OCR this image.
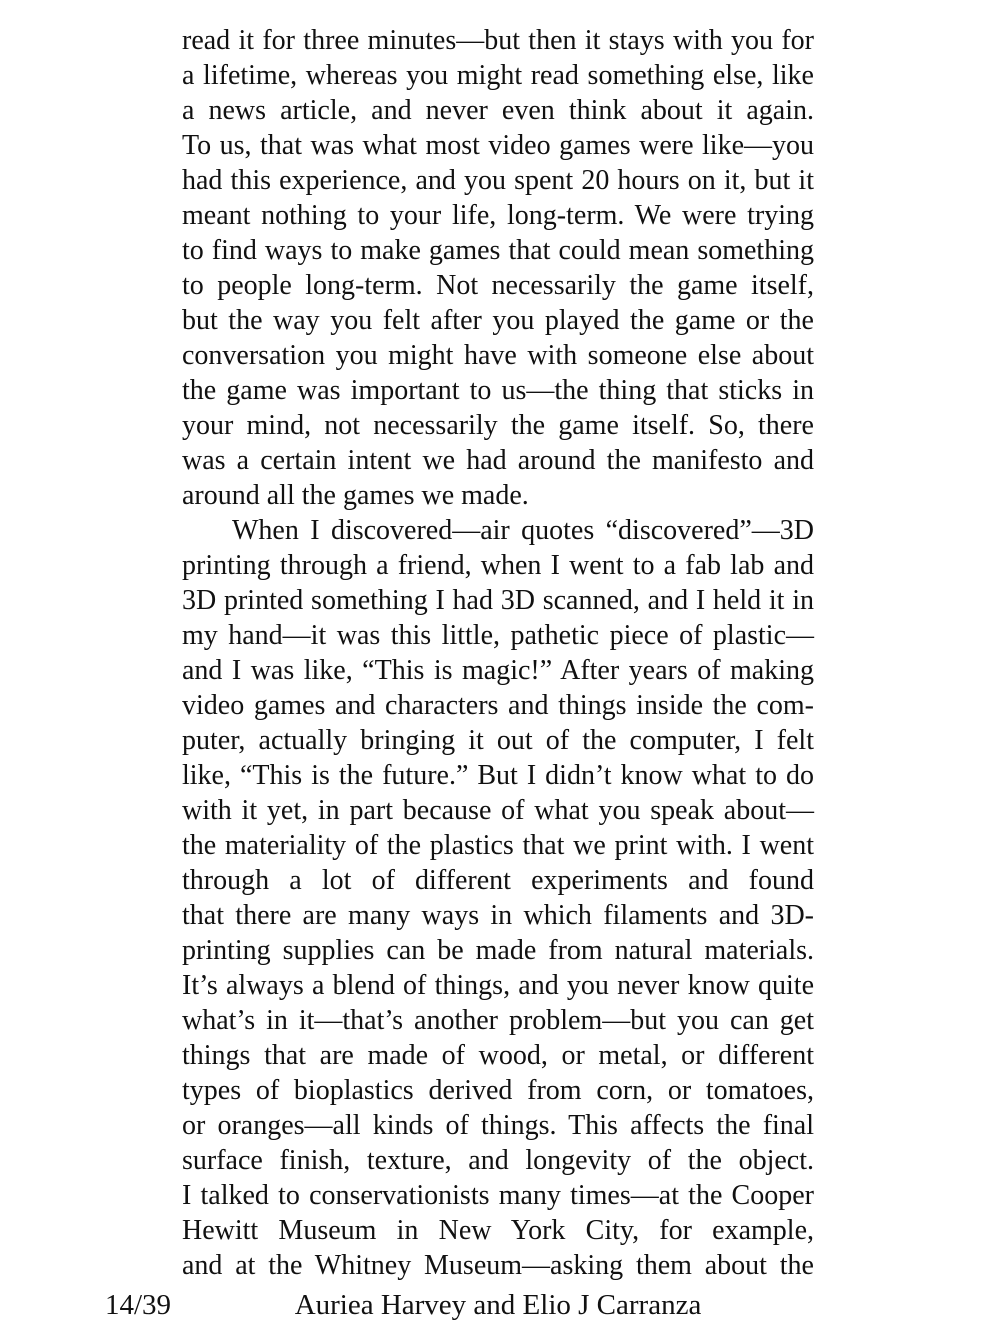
read it for three minutes—but then it stays with you for
a lifetime, whereas you might read something else, like
a news article, and never even think about it again.
To us, that was what most video games were like—you
had this experience, and you spent 20 hours on it, but it
meant nothing to your life, long-term. We were trying
to find ways to make games that could mean something
to people long-term. Not necessarily the game itself,
but the way you felt after you played the game or the
conversation you might have with someone else about
the game was important to us—the thing that sticks in
your mind, not necessarily the game itself. So, there
was a certain intent we had around the manifesto and
around all the games we made.
When I discovered—air quotes “discovered”—3D
printing through a friend, when I went to a fab lab and
3D printed something I had 3D scanned, and I held it in
my hand—it was this little, pathetic piece of plastic—
and I was like, “This is magic!” After years of making
video games and characters and things inside the com-
puter, actually bringing it out of the computer, I felt
like, “This is the future.” But I didn’t know what to do
with it yet, in part because of what you speak about—
the materiality of the plastics that we print with. I went
through a lot of different experiments and found
that there are many ways in which filaments and 3D-
printing supplies can be made from natural materials.
It’s always a blend of things, and you never know quite
what’s in it—that’s another problem—but you can get
things that are made of wood, or metal, or different
types of bioplastics derived from corn, or tomatoes,
or oranges—all kinds of things. This affects the final
surface finish, texture, and longevity of the object.
I talked to conservationists many times—at the Cooper
Hewitt Museum in New York City, for example,
and at the Whitney Museum—asking them about the
14/39	Auriea Harvey and Elio J Carranza
